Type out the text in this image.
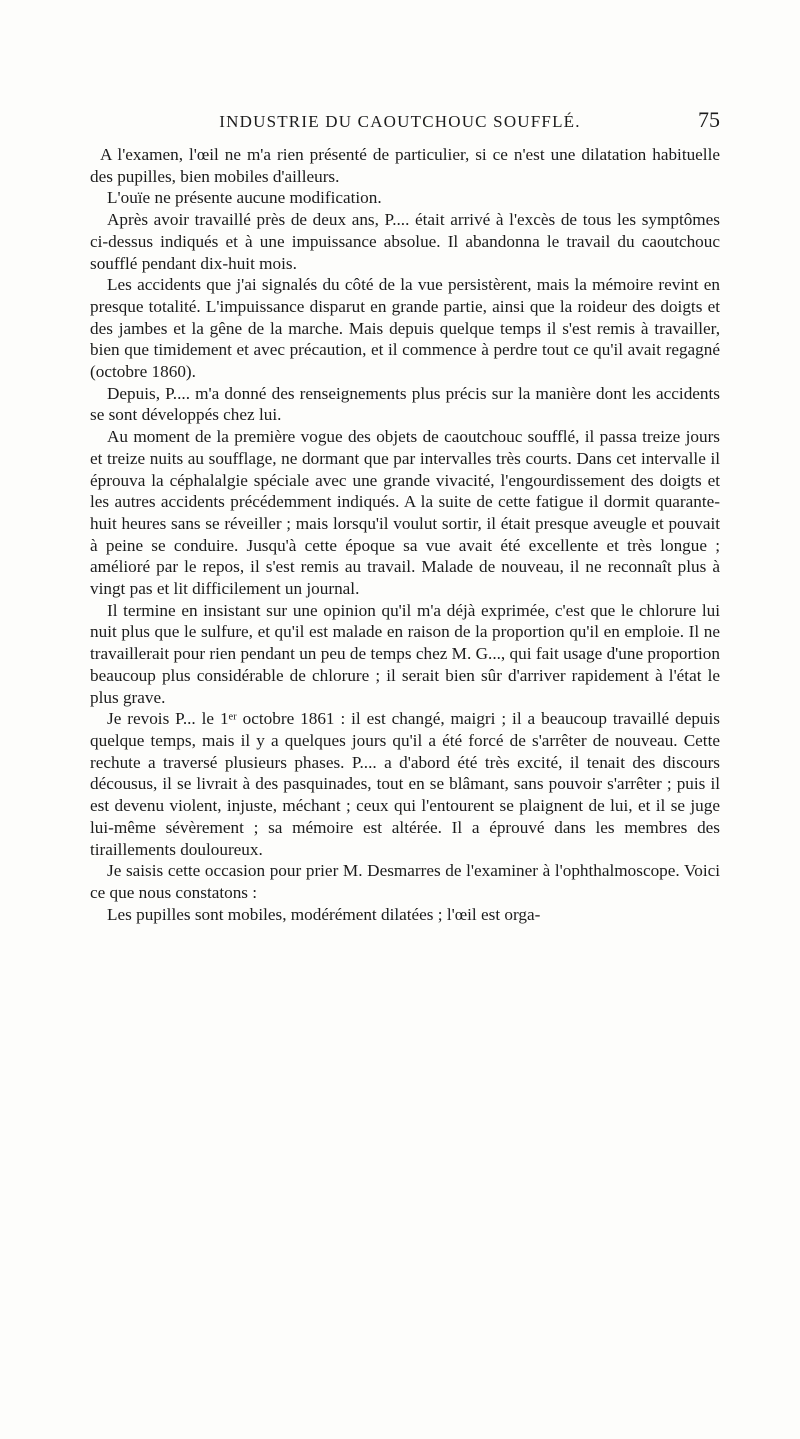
INDUSTRIE DU CAOUTCHOUC SOUFFLÉ.	75

A l'examen, l'œil ne m'a rien présenté de particulier, si ce n'est une dilatation habituelle des pupilles, bien mobiles d'ailleurs.

L'ouïe ne présente aucune modification.

Après avoir travaillé près de deux ans, P.... était arrivé à l'excès de tous les symptômes ci-dessus indiqués et à une impuissance absolue. Il abandonna le travail du caoutchouc soufflé pendant dix-huit mois.

Les accidents que j'ai signalés du côté de la vue persistèrent, mais la mémoire revint en presque totalité. L'impuissance disparut en grande partie, ainsi que la roideur des doigts et des jambes et la gêne de la marche. Mais depuis quelque temps il s'est remis à travailler, bien que timidement et avec précaution, et il commence à perdre tout ce qu'il avait regagné (octobre 1860).

Depuis, P.... m'a donné des renseignements plus précis sur la manière dont les accidents se sont développés chez lui.

Au moment de la première vogue des objets de caoutchouc soufflé, il passa treize jours et treize nuits au soufflage, ne dormant que par intervalles très courts. Dans cet intervalle il éprouva la céphalalgie spéciale avec une grande vivacité, l'engourdissement des doigts et les autres accidents précédemment indiqués. A la suite de cette fatigue il dormit quarante-huit heures sans se réveiller ; mais lorsqu'il voulut sortir, il était presque aveugle et pouvait à peine se conduire. Jusqu'à cette époque sa vue avait été excellente et très longue ; amélioré par le repos, il s'est remis au travail. Malade de nouveau, il ne reconnaît plus à vingt pas et lit difficilement un journal.

Il termine en insistant sur une opinion qu'il m'a déjà exprimée, c'est que le chlorure lui nuit plus que le sulfure, et qu'il est malade en raison de la proportion qu'il en emploie. Il ne travaillerait pour rien pendant un peu de temps chez M. G..., qui fait usage d'une proportion beaucoup plus considérable de chlorure ; il serait bien sûr d'arriver rapidement à l'état le plus grave.

Je revois P... le 1ᵉʳ octobre 1861 : il est changé, maigri ; il a beaucoup travaillé depuis quelque temps, mais il y a quelques jours qu'il a été forcé de s'arrêter de nouveau. Cette rechute a traversé plusieurs phases. P.... a d'abord été très excité, il tenait des discours décousus, il se livrait à des pasquinades, tout en se blâmant, sans pouvoir s'arrêter ; puis il est devenu violent, injuste, méchant ; ceux qui l'entourent se plaignent de lui, et il se juge lui-même sévèrement ; sa mémoire est altérée. Il a éprouvé dans les membres des tiraillements douloureux.

Je saisis cette occasion pour prier M. Desmarres de l'examiner à l'ophthalmoscope. Voici ce que nous constatons :

Les pupilles sont mobiles, modérément dilatées ; l'œil est orga-
